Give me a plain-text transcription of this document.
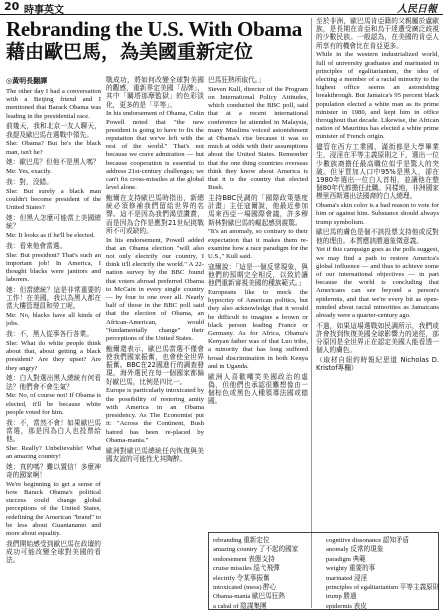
20 時事英文	人民日報
Rebranding the U.S. With Obama
藉由歐巴馬，為美國重新定位
◎黃明長翻譯

The other day I had a conversation with a Beijing friend and I mentioned that Barack Obama was leading in the presidential race.

前幾天，我和北京一友人聊天，我提及歐巴馬在選戰中領先。

She: Obama? But he's the black man, isn't he?

她：歐巴馬？但他不是黑人嗎？

Me: Yes, exactly.

我：對，沒錯。

She: But surely a black man couldn't become president of the United States?

她：但黑人怎麼可能當上美國總統？

Me: It looks as if he'll be elected.

我：看來他會當選。

She: But president? That's such an important job! In America, I thought blacks were janitors and laborers.

她：但當總統？這是非常重要的工作！在美國，我以為黑人都在當大樓管理員和勞工呢。

Me: No, blacks have all kinds of jobs.

我：不，黑人從事各行各業。

She: What do white people think about that, about getting a black president? Are they upset? Are they angry?

她：白人對選出黑人總統有何看法？他們會不會生氣？

Me: No, of course not! If Obama is elected, it'll be because white people voted for him.

我：不，當然不會！如果歐巴馬當選，那是因為白人也投票給他。

She: Really? Unbelievable! What an amazing country!

她：真的嗎？難以置信！多麼神奇的國家啊！

We're beginning to get a sense of how Barack Obama's political success could change global perceptions of the United States, redefining the American "brand" to be less about Guantanamo and more about equality.

我們開始感受到歐巴馬在政壇的成功可能改變全球對美國的看法。

戰成功，將如何改變全球對美國的觀感，重新界定美國「品牌」，其中「關塔那摩監獄」的色彩淡化，更多的是「平等」。

In his endorsement of Obama, Colin Powell noted that "the new president is going to have to fix the reputation that we've left with the rest of the world." That's not because we crave admiration — but because cooperation is essential to address 21st-century challenges; we can't fix cross-missiles at the global level alone.

鮑爾在支持歐巴馬時指出，新總統必須修補我們留給世界的名聲。這不是因為我們渴望讚賞，而是因為合作是應對21世紀挑戰所不可或缺的。

In his endorsement, Powell added that an Obama election "will also not only electrify our country, I think it'll electrify the world." A 22-nation survey by the BBC found that voters abroad preferred Obama to McCain in every single country — by four to one over all. Nearly half of those in the BBC poll said that the election of Obama, an African-American, would "fundamentally change" their perceptions of the United States.

鮑爾還表示，歐巴馬當選不僅會使我們國家振奮，也會使全世界振奮。BBC在22國進行的調查發現，海外選民在每一個國家都偏好歐巴馬，比例是四比一。

Europe is particularly intoxicated by the possibility of restoring amity with America in an Obama presidency. As The Economist put it: "Across the Continent, Bush hatred has been re-placed by Obama-mania."

歐洲對歐巴馬總統任內恢復與美國友誼的可能性尤其陶醉。

巴馬狂熱所取代。」

Steven Kull, director of the Program on International Policy Attitudes, which conducted the BBC poll, said that at a recent international conference he attended in Malaysia, many Muslims voiced astonishment at Obama's rise because it was so much at odds with their assumptions about the United States. Remember that the one thing countries overseas think they know about America is that it is the country that elected Bush.

主持BBC民調的「國際政策態度計畫」主任寇爾說，他最近參加馬來西亞一場國際會議，許多穆斯林對歐巴馬的崛起感到震驚。

"It's an anomaly, so contrary to their expectation that it makes them re-examine how a race paradigm for the U.S.," Kull said.

寇爾說：「這是一個反常現象，與他們的預期完全相反，以致於讓他們重新審視美國的種族範式。」

Europeans like to mock the hypocrisy of American politics, but they also acknowledge that it would be difficult to imagine a brown or black person leading France or Germany. As for Africa, Obama's Kenyan father was of that Luo tribe, a minority that has long suffered broad discrimination in both Kenya and in Uganda.

歐洲人喜歡嘲笑美國政治的虛偽，但他們也承認很難想像由一個棕色或黑色人種領導法國或德國。

至於非洲，歐巴馬肯亞籍的父親屬於盧歐族，是長期在肯亞和烏干達遭受廣泛歧視的少數民族。一般認為，在美國的肯亞人所享有的機會比在肯亞更多。

While in the western industrialized world, full of university graduates and marinated in principles of egalitarianism, the idea of electing a member of a racial minority to the highest office seems an astonishing breakthrough. But Jamaica's 95 percent black population elected a white man as its prime minister in 1980, and kept him in office throughout that decade. Likewise, the African nation of Mauritius has elected a white prime minister of French origin.

儘管在西方工業國，滿街都是大學畢業生，浸淫在平等主義原則之下，選出一位少數族裔擔任最高職位似乎是驚人的突破。但牙買加人口中95%是黑人，卻在1980年選出一位白人首相，並讓他在整個80年代都擔任此職。同樣地，非洲國家模里西斯選出法國裔的白人總理。

Obama's skin color is a bad reason to vote for him or against him. Substance should always trump symbolism.

歐巴馬的膚色是個不該投票支持他或反對他的理由。本質應該勝過象徵意義。

Yet if this campaign goes as the polls suggest, we may find a path to restore America's global influence — and thus to achieve some of our international objectives — in part because the world is concluding that Americans can see beyond a person's epidermis, and that we're every bit as open-minded about racial minorities as Jamaicans already were a quarter-century ago.

不過，如果這場選戰如民調所示，我們或許會找到恢復美國全球影響力的途徑，部分原因是全世界正在認定美國人能看透一個人的膚色。

（取材自紐約時報紀思道 Nicholas D. Kristof專欄）

rebranding 重新定位
amazing country 了不起的國家
endorsement 表態支持
cruise missiles 巡弋飛彈
electrify 令某事振奮
intoxicated (mess) 醉心
Obama-mania 歐巴馬狂熱
a cabal of 陰謀集團
cognitive dissonance 認知矛盾
anomaly 反常的現象
paradigm 典範
weighty 重要的事
marinated 浸淫
principles of egalitarianism 平等主義原則
trump 勝過
epidermis 表皮
